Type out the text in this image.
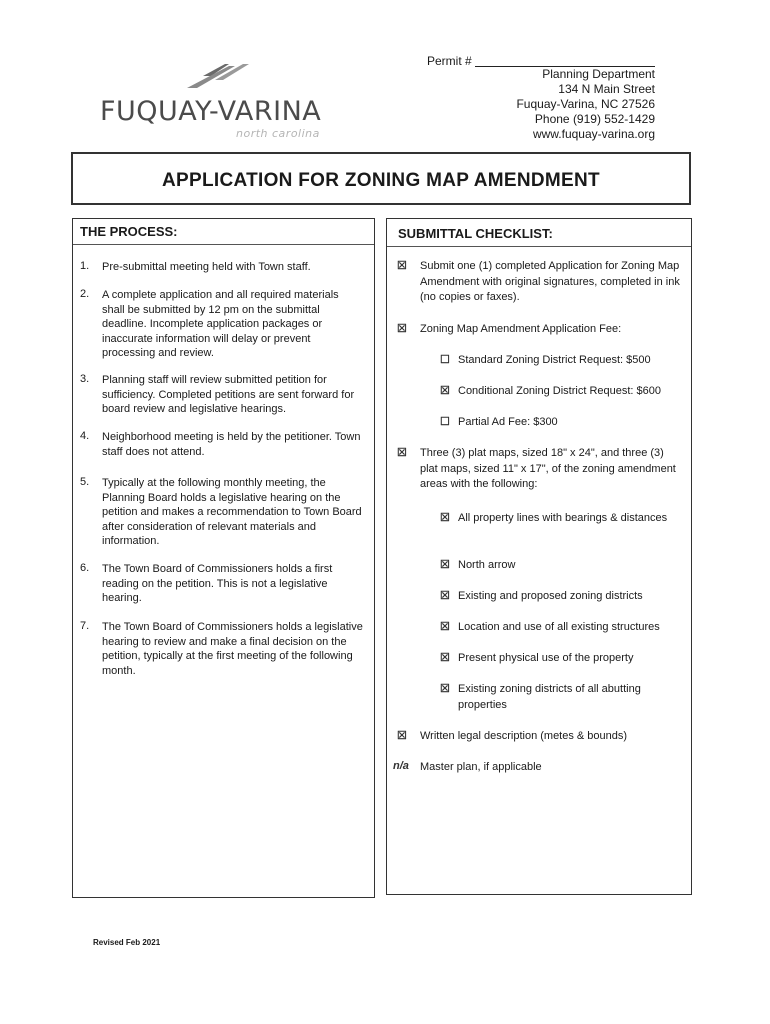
FUQUAY-VARINA
north carolina
Permit #
Planning Department
134 N Main Street
Fuquay-Varina, NC 27526
Phone (919) 552-1429
www.fuquay-varina.org
APPLICATION FOR ZONING MAP AMENDMENT
THE PROCESS:
1. Pre-submittal meeting held with Town staff.
2. A complete application and all required materials shall be submitted by 12 pm on the submittal deadline. Incomplete application packages or inaccurate information will delay or prevent processing and review.
3. Planning staff will review submitted petition for sufficiency. Completed petitions are sent forward for board review and legislative hearings.
4. Neighborhood meeting is held by the petitioner. Town staff does not attend.
5. Typically at the following monthly meeting, the Planning Board holds a legislative hearing on the petition and makes a recommendation to Town Board after consideration of relevant materials and information.
6. The Town Board of Commissioners holds a first reading on the petition. This is not a legislative hearing.
7. The Town Board of Commissioners holds a legislative hearing to review and make a final decision on the petition, typically at the first meeting of the following month.
SUBMITTAL CHECKLIST:
☒ Submit one (1) completed Application for Zoning Map Amendment with original signatures, completed in ink (no copies or faxes).
☒ Zoning Map Amendment Application Fee:
☐ Standard Zoning District Request: $500
☒ Conditional Zoning District Request: $600
☐ Partial Ad Fee: $300
☒ Three (3) plat maps, sized 18" x 24", and three (3) plat maps, sized 11" x 17", of the zoning amendment areas with the following:
☒ All property lines with bearings & distances
☒ North arrow
☒ Existing and proposed zoning districts
☒ Location and use of all existing structures
☒ Present physical use of the property
☒ Existing zoning districts of all abutting properties
☒ Written legal description (metes & bounds)
n/a Master plan, if applicable
Revised Feb 2021
